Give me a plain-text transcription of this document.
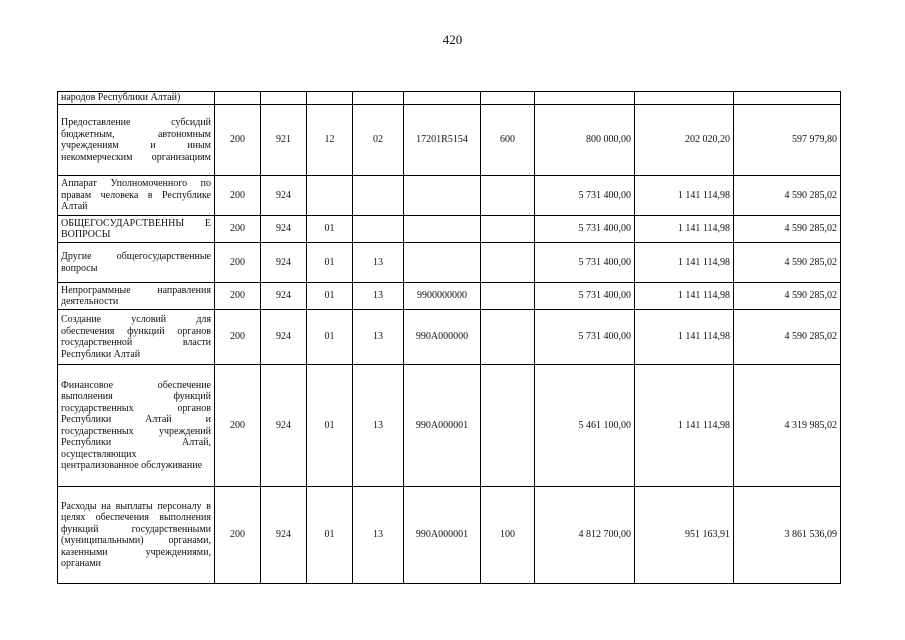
420
народов Республики Алтай)									
Предоставление субсидий бюджетным, автономным учреждениям и иным некоммерческим организациям	200	921	12	02	17201R5154	600	800 000,00	202 020,20	597 979,80
Аппарат Уполномоченного по правам человека в Республике Алтай	200	924					5 731 400,00	1 141 114,98	4 590 285,02
ОБЩЕГОСУДАРСТВЕННЫ Е ВОПРОСЫ	200	924	01				5 731 400,00	1 141 114,98	4 590 285,02
Другие общегосударственные вопросы	200	924	01	13			5 731 400,00	1 141 114,98	4 590 285,02
Непрограммные направления деятельности	200	924	01	13	9900000000		5 731 400,00	1 141 114,98	4 590 285,02
Создание условий для обеспечения функций органов государственной власти Республики Алтай	200	924	01	13	990А000000		5 731 400,00	1 141 114,98	4 590 285,02
Финансовое обеспечение выполнения функций государственных органов Республики Алтай и государственных учреждений Республики Алтай, осуществляющих централизованное обслуживание	200	924	01	13	990А000001		5 461 100,00	1 141 114,98	4 319 985,02
Расходы на выплаты персоналу в целях обеспечения выполнения функций государственными (муниципальными) органами, казенными учреждениями, органами	200	924	01	13	990А000001	100	4 812 700,00	951 163,91	3 861 536,09
